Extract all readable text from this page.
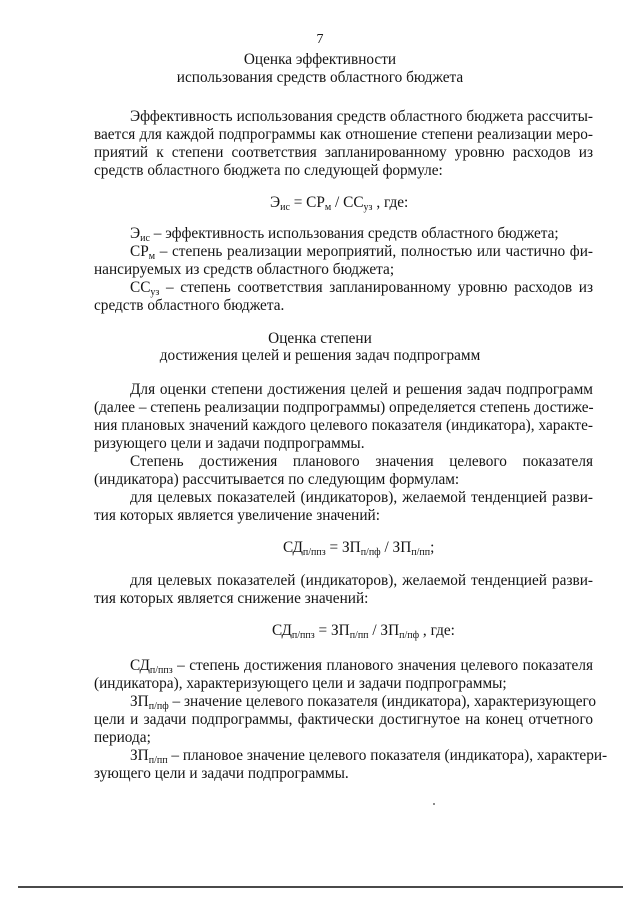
7
Оценка эффективности
использования средств областного бюджета
Эффективность использования средств областного бюджета рассчиты-
вается для каждой подпрограммы как отношение степени реализации меро-
приятий к степени соответствия запланированному уровню расходов из
средств областного бюджета по следующей формуле:
$Э_{ис} = СР_м / СС_{уз}$ , где:
$Э_{ис}$ – эффективность использования средств областного бюджета;
$СР_м$ – степень реализации мероприятий, полностью или частично фи-
нансируемых из средств областного бюджета;
$СС_{уз}$ – степень соответствия запланированному уровню расходов из
средств областного бюджета.
Оценка степени
достижения целей и решения задач подпрограмм
Для оценки степени достижения целей и решения задач подпрограмм
(далее – степень реализации подпрограммы) определяется степень достиже-
ния плановых значений каждого целевого показателя (индикатора), характе-
ризующего цели и задачи подпрограммы.
Степень достижения планового значения целевого показателя
(индикатора) рассчитывается по следующим формулам:
для целевых показателей (индикаторов), желаемой тенденцией разви-
тия которых является увеличение значений:
$СД_{п/ппз} = ЗП_{п/пф} / ЗП_{п/пп}$;
для целевых показателей (индикаторов), желаемой тенденцией разви-
тия которых является снижение значений:
$СД_{п/ппз} = ЗП_{п/пп} / ЗП_{п/пф}$ , где:
$СД_{п/ппз}$ – степень достижения планового значения целевого показателя
(индикатора), характеризующего цели и задачи подпрограммы;
$ЗП_{п/пф}$ – значение целевого показателя (индикатора), характеризующего
цели и задачи подпрограммы, фактически достигнутое на конец отчетного
периода;
$ЗП_{п/пп}$ – плановое значение целевого показателя (индикатора), характери-
зующего цели и задачи подпрограммы.
